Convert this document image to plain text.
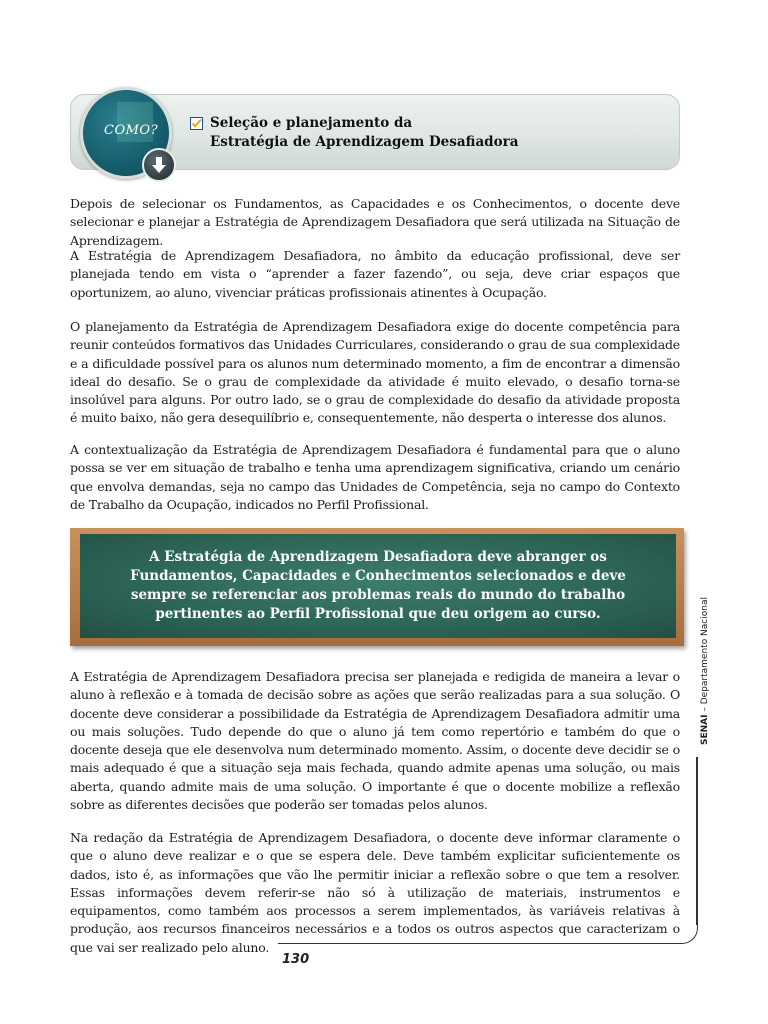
COMO?	Seleção e planejamento da
Estratégia de Aprendizagem Desafiadora

Depois de selecionar os Fundamentos, as Capacidades e os Conhecimentos, o docente deve selecionar e planejar a Estratégia de Aprendizagem Desafiadora que será utilizada na Situação de Aprendizagem.

A Estratégia de Aprendizagem Desafiadora, no âmbito da educação profissional, deve ser planejada tendo em vista o “aprender a fazer fazendo”, ou seja, deve criar espaços que oportunizem, ao aluno, vivenciar práticas profissionais atinentes à Ocupação.

O planejamento da Estratégia de Aprendizagem Desafiadora exige do docente competência para reunir conteúdos formativos das Unidades Curriculares, considerando o grau de sua complexidade e a dificuldade possível para os alunos num determinado momento, a fim de encontrar a dimensão ideal do desafio. Se o grau de complexidade da atividade é muito elevado, o desafio torna-se insolúvel para alguns. Por outro lado, se o grau de complexidade do desafio da atividade proposta é muito baixo, não gera desequilíbrio e, consequentemente, não desperta o interesse dos alunos.

A contextualização da Estratégia de Aprendizagem Desafiadora é fundamental para que o aluno possa se ver em situação de trabalho e tenha uma aprendizagem significativa, criando um cenário que envolva demandas, seja no campo das Unidades de Competência, seja no campo do Contexto de Trabalho da Ocupação, indicados no Perfil Profissional.

A Estratégia de Aprendizagem Desafiadora deve abranger os
Fundamentos, Capacidades e Conhecimentos selecionados e deve
sempre se referenciar aos problemas reais do mundo do trabalho
pertinentes ao Perfil Profissional que deu origem ao curso.

A Estratégia de Aprendizagem Desafiadora precisa ser planejada e redigida de maneira a levar o aluno à reflexão e à tomada de decisão sobre as ações que serão realizadas para a sua solução. O docente deve considerar a possibilidade da Estratégia de Aprendizagem Desafiadora admitir uma ou mais soluções. Tudo depende do que o aluno já tem como repertório e também do que o docente deseja que ele desenvolva num determinado momento. Assim, o docente deve decidir se o mais adequado é que a situação seja mais fechada, quando admite apenas uma solução, ou mais aberta, quando admite mais de uma solução. O importante é que o docente mobilize a reflexão sobre as diferentes decisões que poderão ser tomadas pelos alunos.

Na redação da Estratégia de Aprendizagem Desafiadora, o docente deve informar claramente o que o aluno deve realizar e o que se espera dele. Deve também explicitar suficientemente os dados, isto é, as informações que vão lhe permitir iniciar a reflexão sobre o que tem a resolver. Essas informações devem referir-se não só à utilização de materiais, instrumentos e equipamentos, como também aos processos a serem implementados, às variáveis relativas à produção, aos recursos financeiros necessários e a todos os outros aspectos que caracterizam o que vai ser realizado pelo aluno.

SENAI – Departamento Nacional
130
